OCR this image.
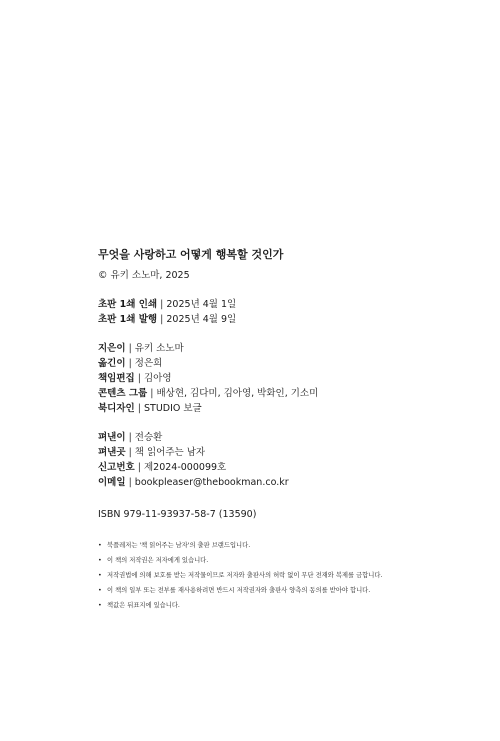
무엇을 사랑하고 어떻게 행복할 것인가
© 유키 소노마, 2025
초판 1쇄 인쇄 | 2025년 4월 1일
초판 1쇄 발행 | 2025년 4월 9일
지은이 | 유키 소노마
옮긴이 | 정은희
책임편집 | 김아영
콘텐츠 그룹 | 배상현, 김다미, 김아영, 박화인, 기소미
북디자인 | STUDIO 보글
펴낸이 | 전승환
펴낸곳 | 책 읽어주는 남자
신고번호 | 제2024-000099호
이메일 | bookpleaser@thebookman.co.kr
ISBN 979-11-93937-58-7 (13590)
• 북플레저는 '책 읽어주는 남자'의 출판 브랜드입니다.
• 이 책의 저작권은 저자에게 있습니다.
• 저작권법에 의해 보호를 받는 저작물이므로 저자와 출판사의 허락 없이 무단 전재와 복제를 금합니다.
• 이 책의 일부 또는 전부를 재사용하려면 반드시 저작권자와 출판사 양측의 동의를 받아야 합니다.
• 책값은 뒤표지에 있습니다.
